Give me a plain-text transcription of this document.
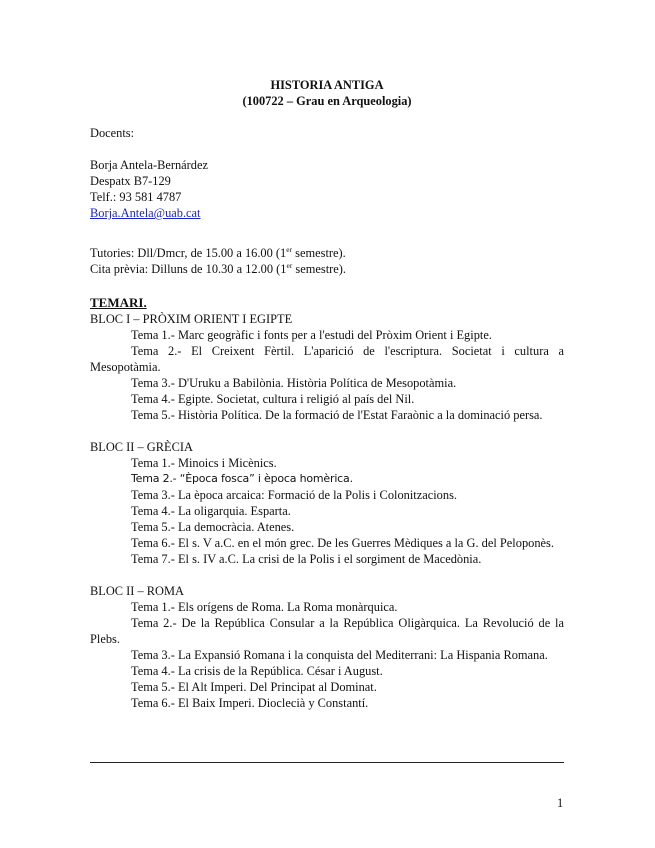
HISTORIA ANTIGA
(100722 – Grau en Arqueologia)
Docents:
Borja Antela-Bernárdez
Despatx B7-129
Telf.: 93 581 4787
Borja.Antela@uab.cat
Tutories: Dll/Dmcr, de 15.00 a 16.00 (1er semestre).
Cita prèvia: Dilluns de 10.30 a 12.00 (1er semestre).
TEMARI.
BLOC I – PRÒXIM ORIENT I EGIPTE
Tema 1.- Marc geogràfic i fonts per a l'estudi del Pròxim Orient i Egipte.
Tema 2.- El Creixent Fèrtil. L'aparició de l'escriptura. Societat i cultura a Mesopotàmia.
Tema 3.- D'Uruku a Babilònia. Història Política de Mesopotàmia.
Tema 4.- Egipte. Societat, cultura i religió al país del Nil.
Tema 5.- Història Política. De la formació de l'Estat Faraònic a la dominació persa.
BLOC II – GRÈCIA
Tema 1.- Minoics i Micènics.
Tema 2.- “Època fosca” i època homèrica.
Tema 3.- La època arcaica: Formació de la Polis i Colonitzacions.
Tema 4.- La oligarquia. Esparta.
Tema 5.- La democràcia. Atenes.
Tema 6.- El s. V a.C. en el món grec. De les Guerres Mèdiques a la G. del Peloponès.
Tema 7.- El s. IV a.C. La crisi de la Polis i el sorgiment de Macedònia.
BLOC II – ROMA
Tema 1.- Els orígens de Roma. La Roma monàrquica.
Tema 2.- De la República Consular a la República Oligàrquica. La Revolució de la Plebs.
Tema 3.- La Expansió Romana i la conquista del Mediterrani: La Hispania Romana.
Tema 4.- La crisis de la República. César i August.
Tema 5.- El Alt Imperi. Del Principat al Dominat.
Tema 6.- El Baix Imperi. Dioclecià y Constantí.
1
